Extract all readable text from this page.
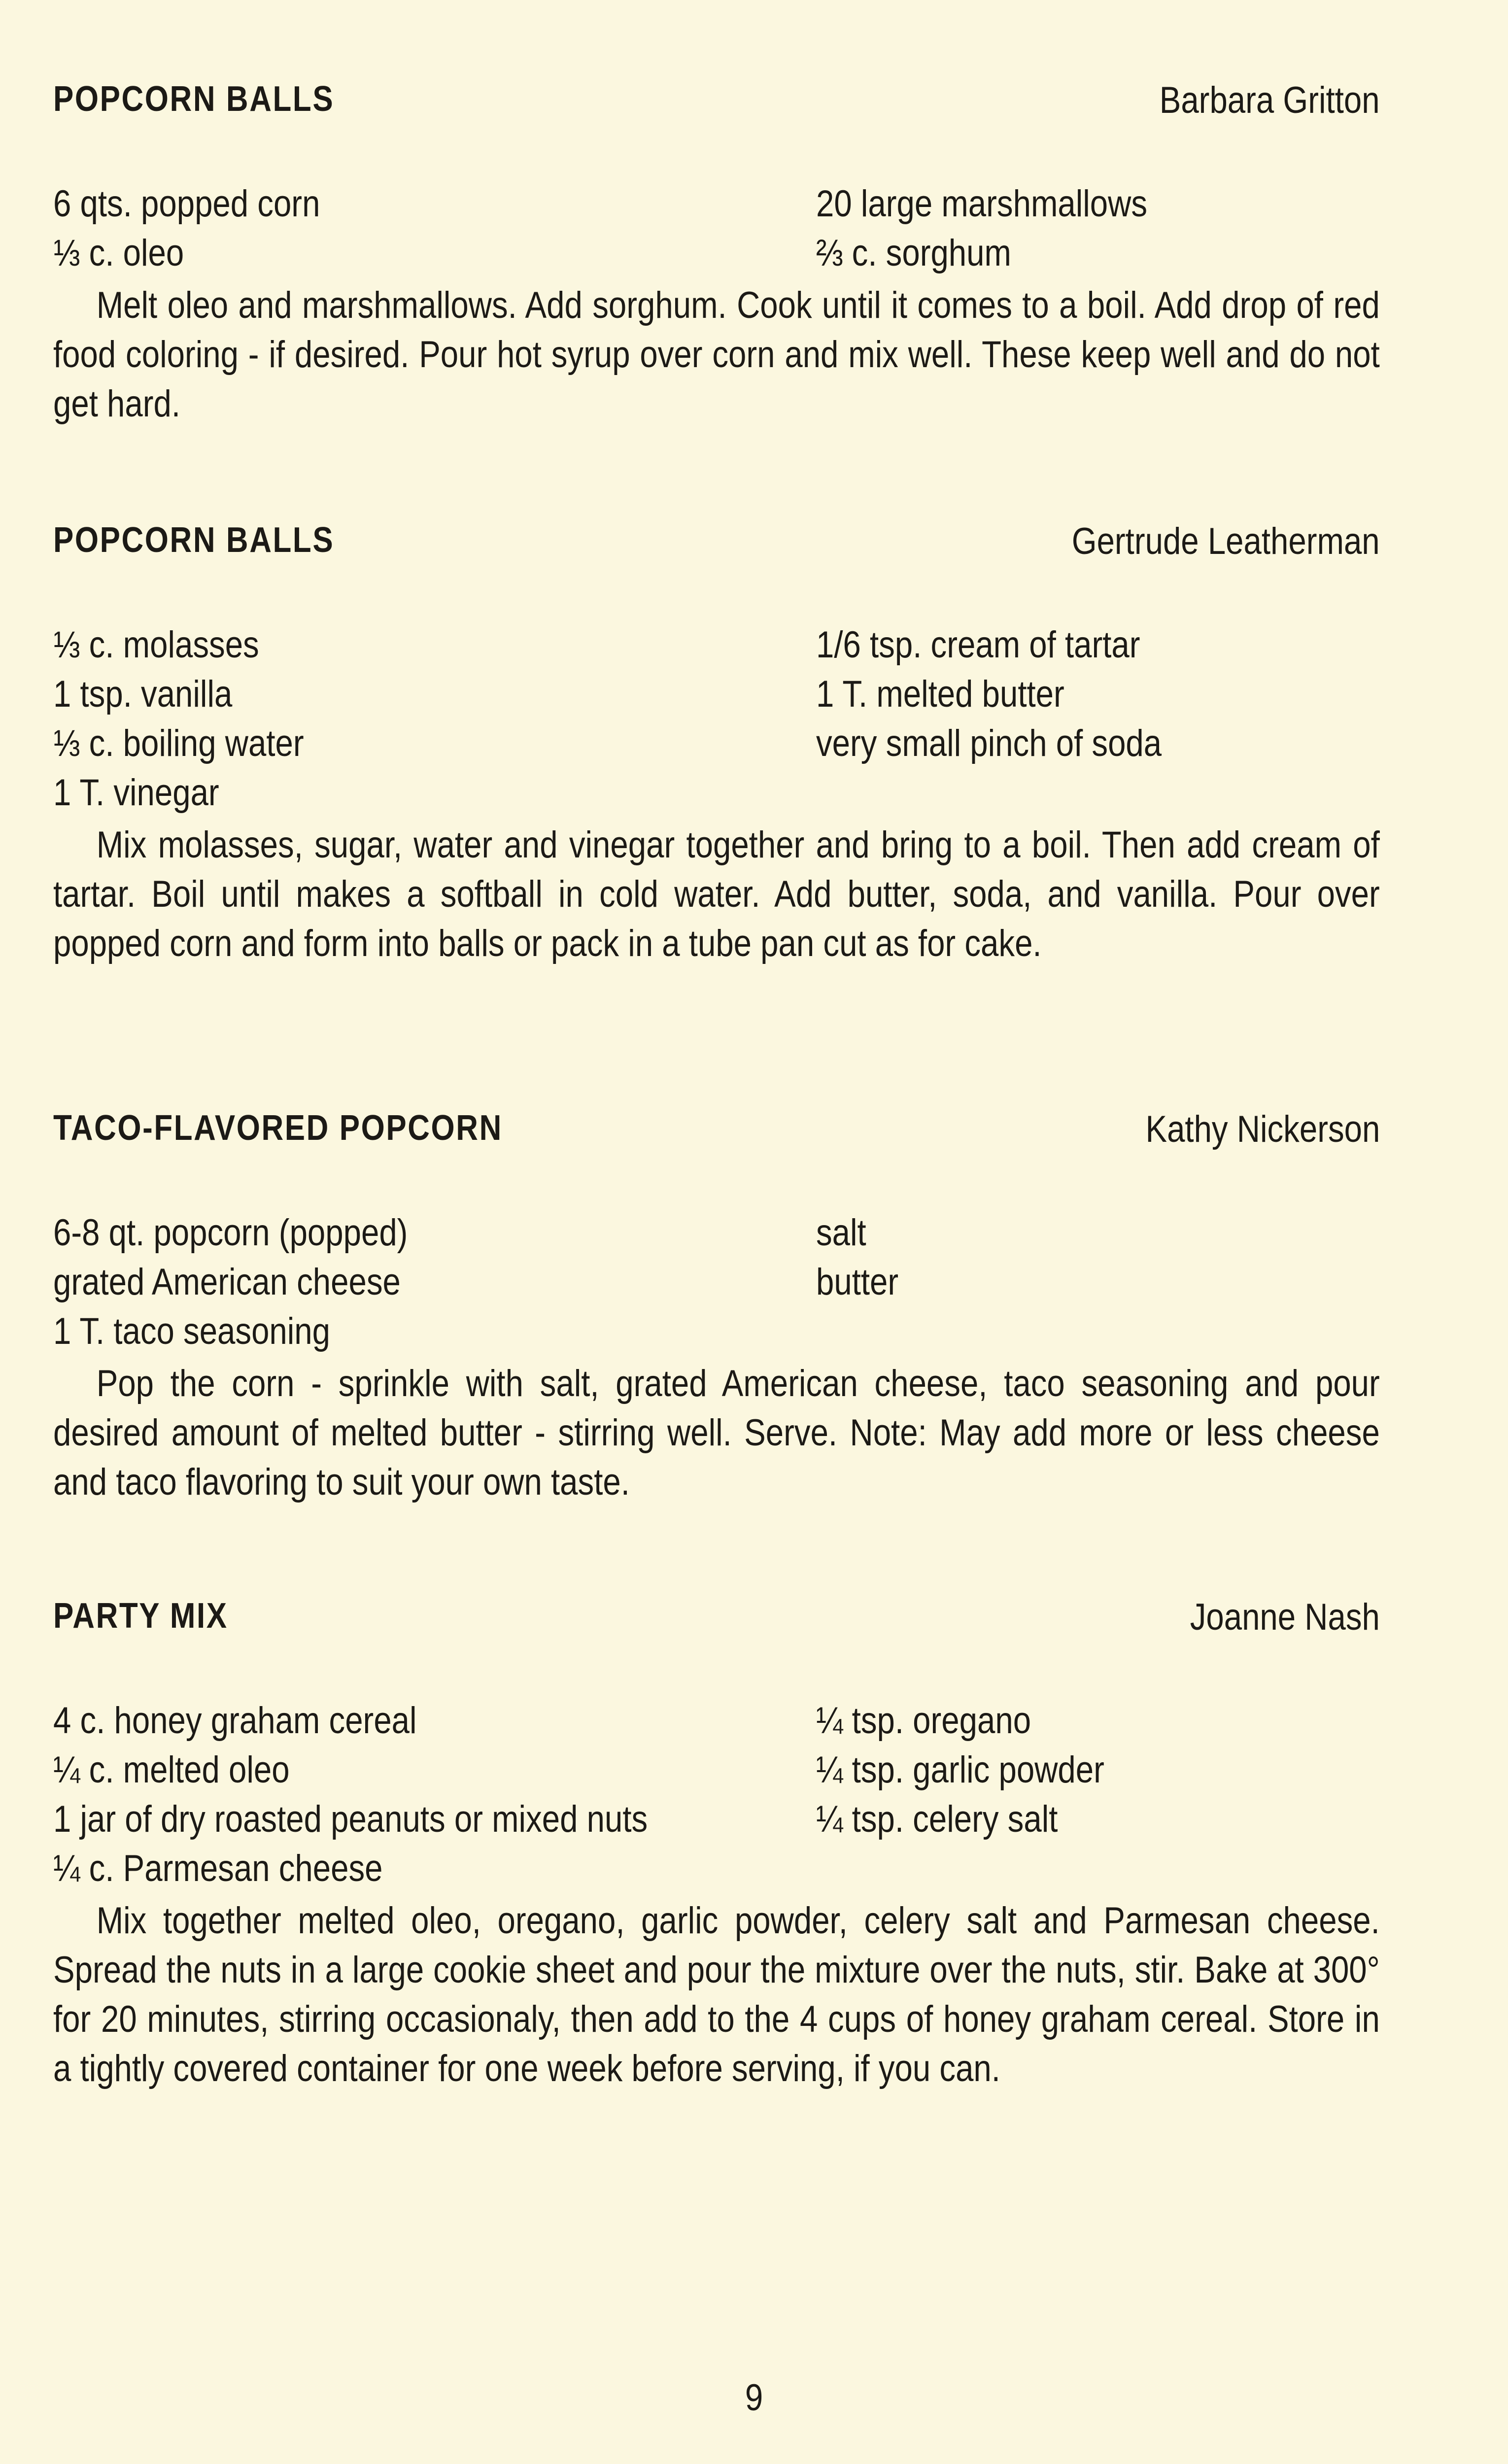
POPCORN BALLS	Barbara Gritton
6 qts. popped corn	20 large marshmallows
⅓ c. oleo	⅔ c. sorghum

Melt oleo and marshmallows. Add sorghum. Cook until it comes to a boil. Add drop of red food coloring - if desired. Pour hot syrup over corn and mix well. These keep well and do not get hard.

POPCORN BALLS	Gertrude Leatherman
⅓ c. molasses	1/6 tsp. cream of tartar
1 tsp. vanilla	1 T. melted butter
⅓ c. boiling water	very small pinch of soda
1 T. vinegar

Mix molasses, sugar, water and vinegar together and bring to a boil. Then add cream of tartar. Boil until makes a softball in cold water. Add butter, soda, and vanilla. Pour over popped corn and form into balls or pack in a tube pan cut as for cake.

TACO-FLAVORED POPCORN	Kathy Nickerson
6-8 qt. popcorn (popped)	salt
grated American cheese	butter
1 T. taco seasoning

Pop the corn - sprinkle with salt, grated American cheese, taco seasoning and pour desired amount of melted butter - stirring well. Serve. Note: May add more or less cheese and taco flavoring to suit your own taste.

PARTY MIX	Joanne Nash
4 c. honey graham cereal	¼ tsp. oregano
¼ c. melted oleo	¼ tsp. garlic powder
1 jar of dry roasted peanuts or mixed nuts	¼ tsp. celery salt
¼ c. Parmesan cheese

Mix together melted oleo, oregano, garlic powder, celery salt and Parmesan cheese. Spread the nuts in a large cookie sheet and pour the mixture over the nuts, stir. Bake at 300° for 20 minutes, stirring occasionaly, then add to the 4 cups of honey graham cereal. Store in a tightly covered container for one week before serving, if you can.

9
